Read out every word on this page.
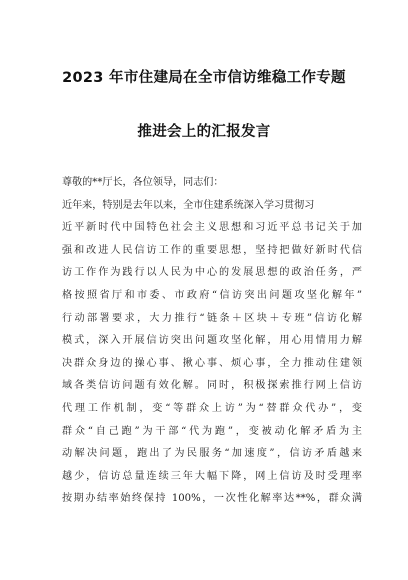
2023 年市住建局在全市信访维稳工作专题
推进会上的汇报发言
尊敬的**厅长，各位领导，同志们：
近年来，特别是去年以来，全市住建系统深入学习贯彻习
近平新时代中国特色社会主义思想和习近平总书记关于加
强和改进人民信访工作的重要思想，坚持把做好新时代信
访工作作为践行以人民为中心的发展思想的政治任务，严
格按照省厅和市委、市政府“信访突出问题攻坚化解年”
行动部署要求，大力推行“链条＋区块＋专班”信访化解
模式，深入开展信访突出问题攻坚化解，用心用情用力解
决群众身边的操心事、揪心事、烦心事，全力推动住建领
域各类信访问题有效化解。同时，积极探索推行网上信访
代理工作机制，变“等群众上访”为“替群众代办”，变
群众“自己跑”为干部“代为跑”，变被动化解矛盾为主
动解决问题，跑出了为民服务“加速度”，信访矛盾越来
越少，信访总量连续三年大幅下降，网上信访及时受理率
按期办结率始终保持 100%，一次性化解率达**%，群众满
